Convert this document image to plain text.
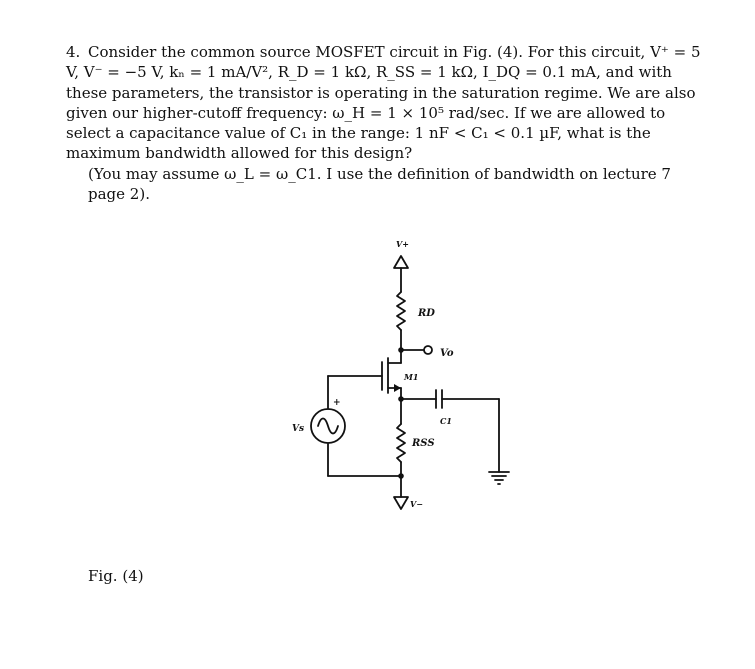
4. Consider the common source MOSFET circuit in Fig. (4). For this circuit, V⁺ = 5 V, V⁻ = −5 V, kₙ = 1 mA/V², R_D = 1 kΩ, R_SS = 1 kΩ, I_DQ = 0.1 mA, and with these parameters, the transistor is operating in the saturation regime. We are also given our higher-cutoff frequency: ω_H = 1 × 10⁵ rad/sec. If we are allowed to select a capacitance value of C₁ in the range: 1 nF < C₁ < 0.1 µF, what is the maximum bandwidth allowed for this design?

(You may assume ω_L = ω_C1. I use the definition of bandwidth on lecture 7 page 2).

V+
RD
Vo
M1
C1
Vs
+
RSS
V−
Fig. (4)
